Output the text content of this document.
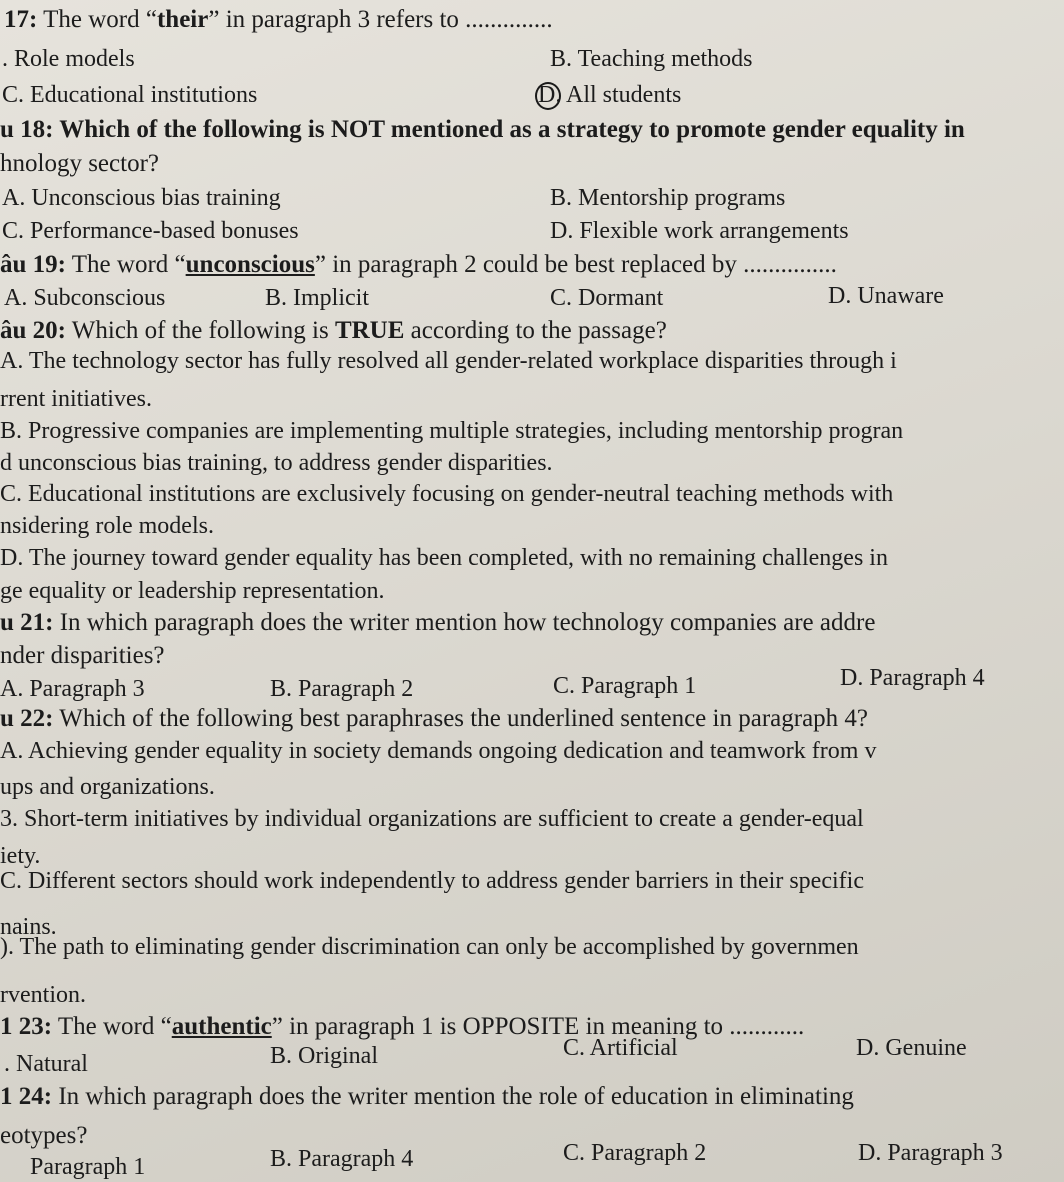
17: The word “their” in paragraph 3 refers to ..............
. Role models	B. Teaching methods
C. Educational institutions	D. All students
u 18: Which of the following is NOT mentioned as a strategy to promote gender equality in
hnology sector?
A. Unconscious bias training	B. Mentorship programs
C. Performance-based bonuses	D. Flexible work arrangements
âu 19: The word “unconscious” in paragraph 2 could be best replaced by ...............
A. Subconscious	B. Implicit	C. Dormant	D. Unaware
âu 20: Which of the following is TRUE according to the passage?
A. The technology sector has fully resolved all gender-related workplace disparities through i
rrent initiatives.
B. Progressive companies are implementing multiple strategies, including mentorship progran
d unconscious bias training, to address gender disparities.
C. Educational institutions are exclusively focusing on gender-neutral teaching methods with
nsidering role models.
D. The journey toward gender equality has been completed, with no remaining challenges in
ge equality or leadership representation.
u 21: In which paragraph does the writer mention how technology companies are addre
nder disparities?
A. Paragraph 3	B. Paragraph 2	C. Paragraph 1	D. Paragraph 4
u 22: Which of the following best paraphrases the underlined sentence in paragraph 4?
A. Achieving gender equality in society demands ongoing dedication and teamwork from v
ups and organizations.
3. Short-term initiatives by individual organizations are sufficient to create a gender-equal
iety.
C. Different sectors should work independently to address gender barriers in their specific
nains.
). The path to eliminating gender discrimination can only be accomplished by governmen
rvention.
1 23: The word “authentic” in paragraph 1 is OPPOSITE in meaning to ............
. Natural	B. Original	C. Artificial	D. Genuine
1 24: In which paragraph does the writer mention the role of education in eliminating
eotypes?
Paragraph 1	B. Paragraph 4	C. Paragraph 2	D. Paragraph 3
